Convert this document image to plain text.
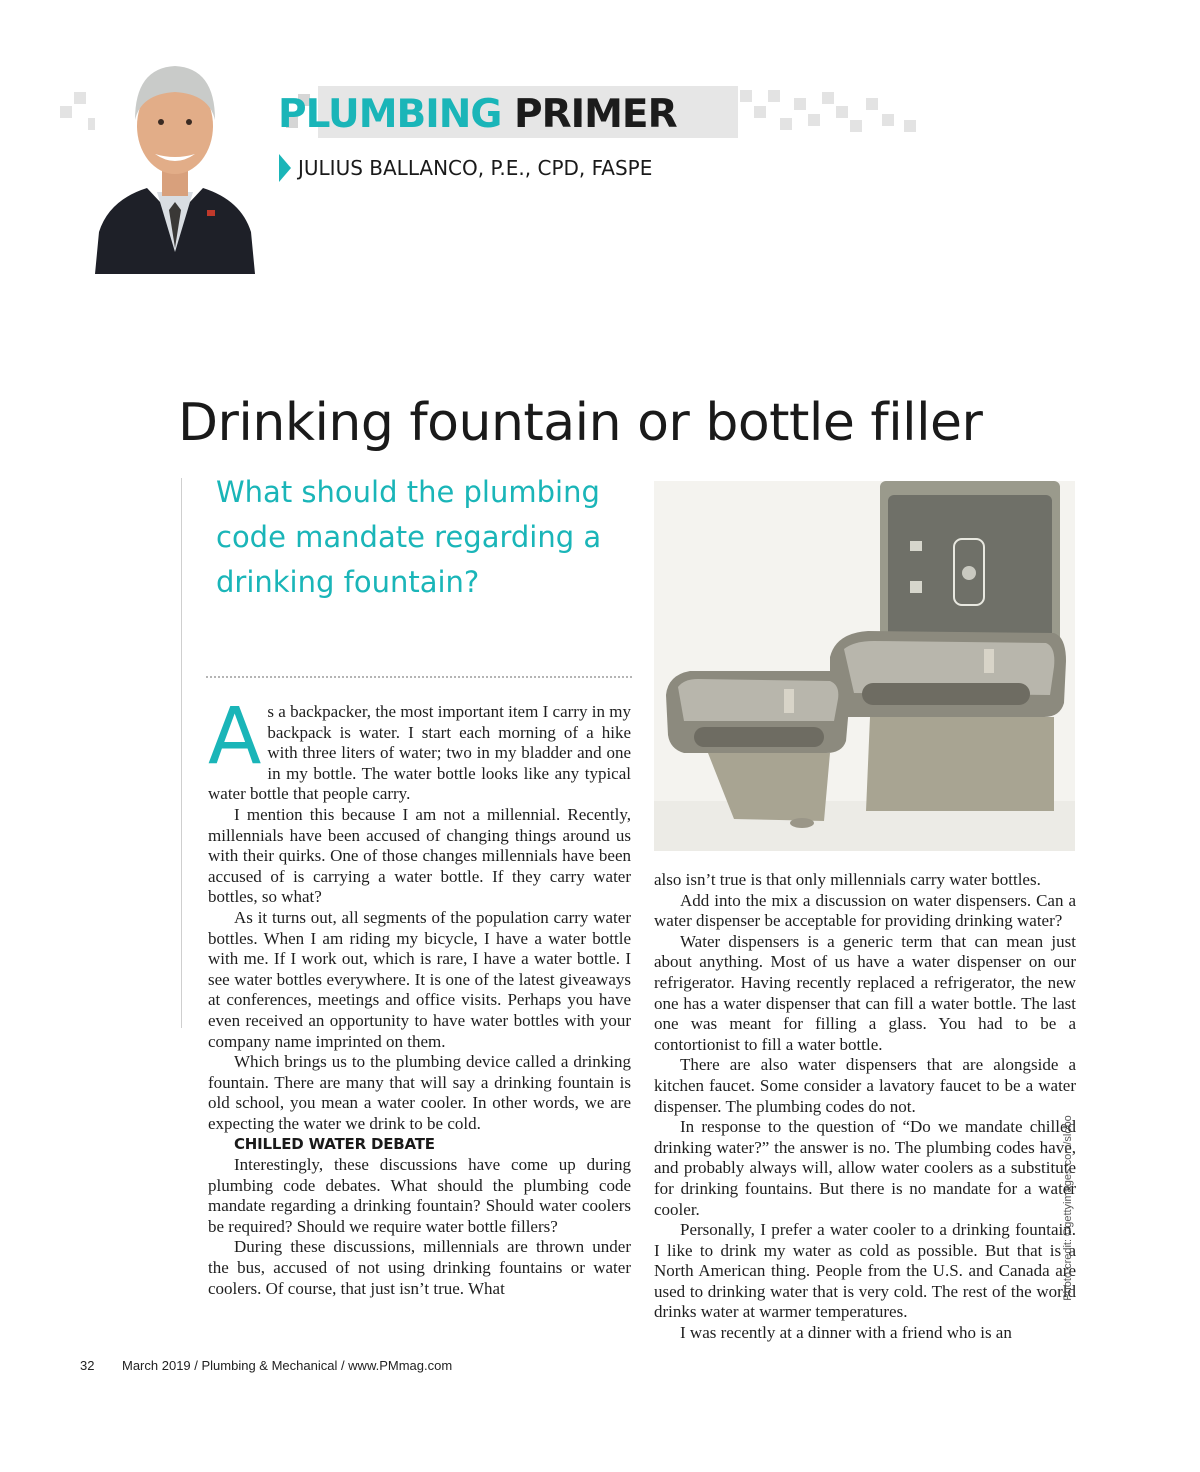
PLUMBING PRIMER
JULIUS BALLANCO, P.E., CPD, FASPE
Drinking fountain or bottle filler
What should the plumbing code mandate regarding a drinking fountain?

As a backpacker, the most important item I carry in my backpack is water. I start each morning of a hike with three liters of water; two in my bladder and one in my bottle. The water bottle looks like any typical water bottle that people carry.

I mention this because I am not a millennial. Recently, millennials have been accused of changing things around us with their quirks. One of those changes millennials have been accused of is carrying a water bottle. If they carry water bottles, so what?

As it turns out, all segments of the population carry water bottles. When I am riding my bicycle, I have a water bottle with me. If I work out, which is rare, I have a water bottle. I see water bottles everywhere. It is one of the latest giveaways at conferences, meetings and office visits. Perhaps you have even received an opportunity to have water bottles with your company name imprinted on them.

Which brings us to the plumbing device called a drinking fountain. There are many that will say a drinking fountain is old school, you mean a water cooler. In other words, we are expecting the water we drink to be cold.

CHILLED WATER DEBATE

Interestingly, these discussions have come up during plumbing code debates. What should the plumbing code mandate regarding a drinking fountain? Should water coolers be required? Should we require water bottle fillers?

During these discussions, millennials are thrown under the bus, accused of not using drinking fountains or water coolers. Of course, that just isn’t true. What

also isn’t true is that only millennials carry water bottles.

Add into the mix a discussion on water dispensers. Can a water dispenser be acceptable for providing drinking water?

Water dispensers is a generic term that can mean just about anything. Most of us have a water dispenser on our refrigerator. Having recently replaced a refrigerator, the new one has a water dispenser that can fill a water bottle. The last one was meant for filling a glass. You had to be a contortionist to fill a water bottle.

There are also water dispensers that are alongside a kitchen faucet. Some consider a lavatory faucet to be a water dispenser. The plumbing codes do not.

In response to the question of “Do we mandate chilled drinking water?” the answer is no. The plumbing codes have, and probably always will, allow water coolers as a substitute for drinking fountains. But there is no mandate for a water cooler.

Personally, I prefer a water cooler to a drinking fountain. I like to drink my water as cold as possible. But that is a North American thing. People from the U.S. and Canada are used to drinking water that is very cold. The rest of the world drinks water at warmer temperatures.

I was recently at a dinner with a friend who is an

Photo credit: ©gettyimages.com/slobo
32 March 2019 / Plumbing & Mechanical / www.PMmag.com
